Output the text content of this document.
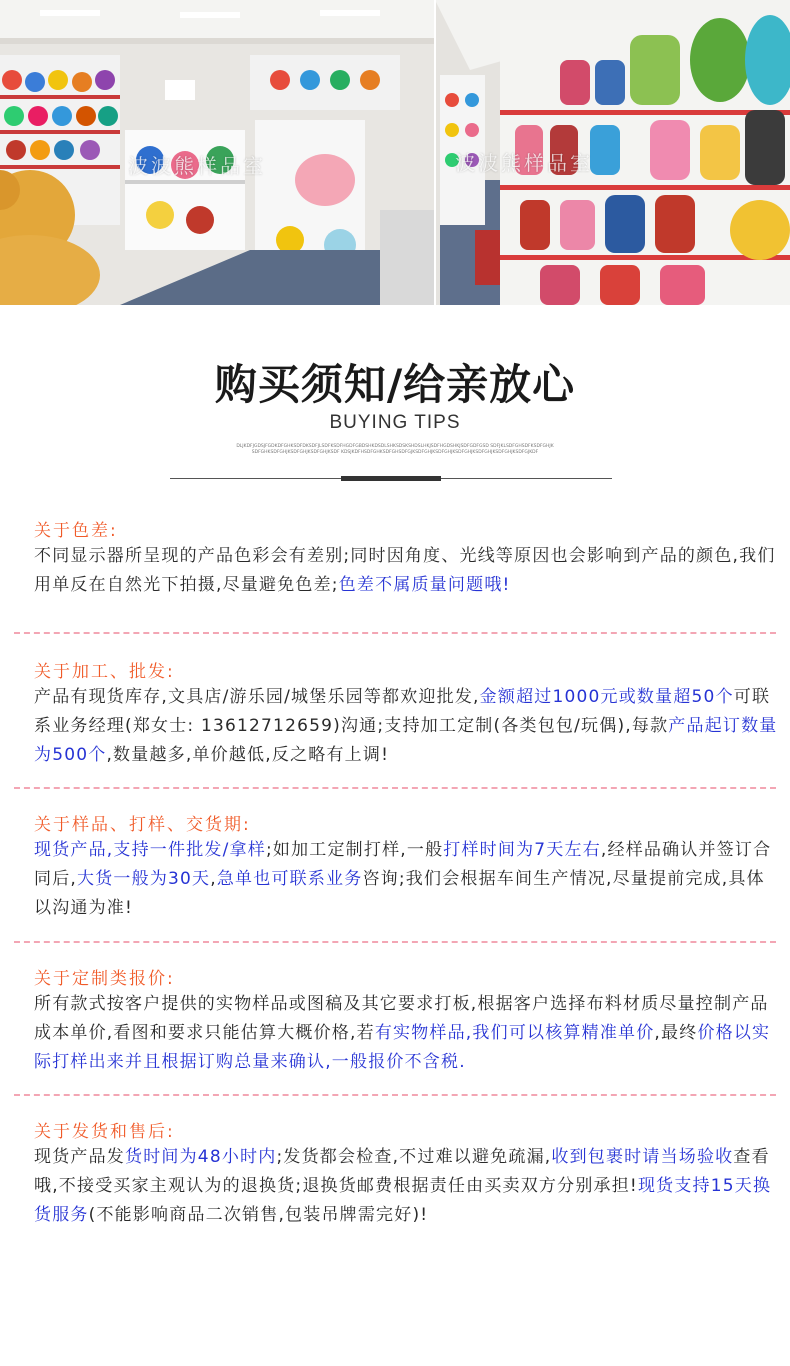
波波熊样品室	波波熊样品室
购买须知/给亲放心
BUYING TIPS
DLJKDFJGDSJFGDKDFGHKSDFDKSDFJLSDFKSDFHGDFGBDSHKDSDLSHKSDSKSHDSLHKJSDFHGDSHKJSDFGDFGSD SDFJKLSDFGHSDFKSDFGHJKSDFGHKSDFGHJKSDFGHJKSDFGHJKSDF KDSJKDFHSDFGHKSDFGHSDFGJKSDFGHJKSDFGHJKSDFGHJKSDFGHJKSDFGHJKSDFGJKDF
关于色差:
不同显示器所呈现的产品色彩会有差别;同时因角度、光线等原因也会影响到产品的颜色,我们用单反在自然光下拍摄,尽量避免色差;色差不属质量问题哦!
关于加工、批发:
产品有现货库存,文具店/游乐园/城堡乐园等都欢迎批发,金额超过1000元或数量超50个可联系业务经理(郑女士: 13612712659)沟通;支持加工定制(各类包包/玩偶),每款产品起订数量为500个,数量越多,单价越低,反之略有上调!
关于样品、打样、交货期:
现货产品,支持一件批发/拿样;如加工定制打样,一般打样时间为7天左右,经样品确认并签订合同后,大货一般为30天,急单也可联系业务咨询;我们会根据车间生产情况,尽量提前完成,具体以沟通为准!
关于定制类报价:
所有款式按客户提供的实物样品或图稿及其它要求打板,根据客户选择布料材质尽量控制产品成本单价,看图和要求只能估算大概价格,若有实物样品,我们可以核算精准单价,最终价格以实际打样出来并且根据订购总量来确认,一般报价不含税.
关于发货和售后:
现货产品发货时间为48小时内;发货都会检查,不过难以避免疏漏,收到包裹时请当场验收查看哦,不接受买家主观认为的退换货;退换货邮费根据责任由买卖双方分别承担!现货支持15天换货服务(不能影响商品二次销售,包装吊牌需完好)!
